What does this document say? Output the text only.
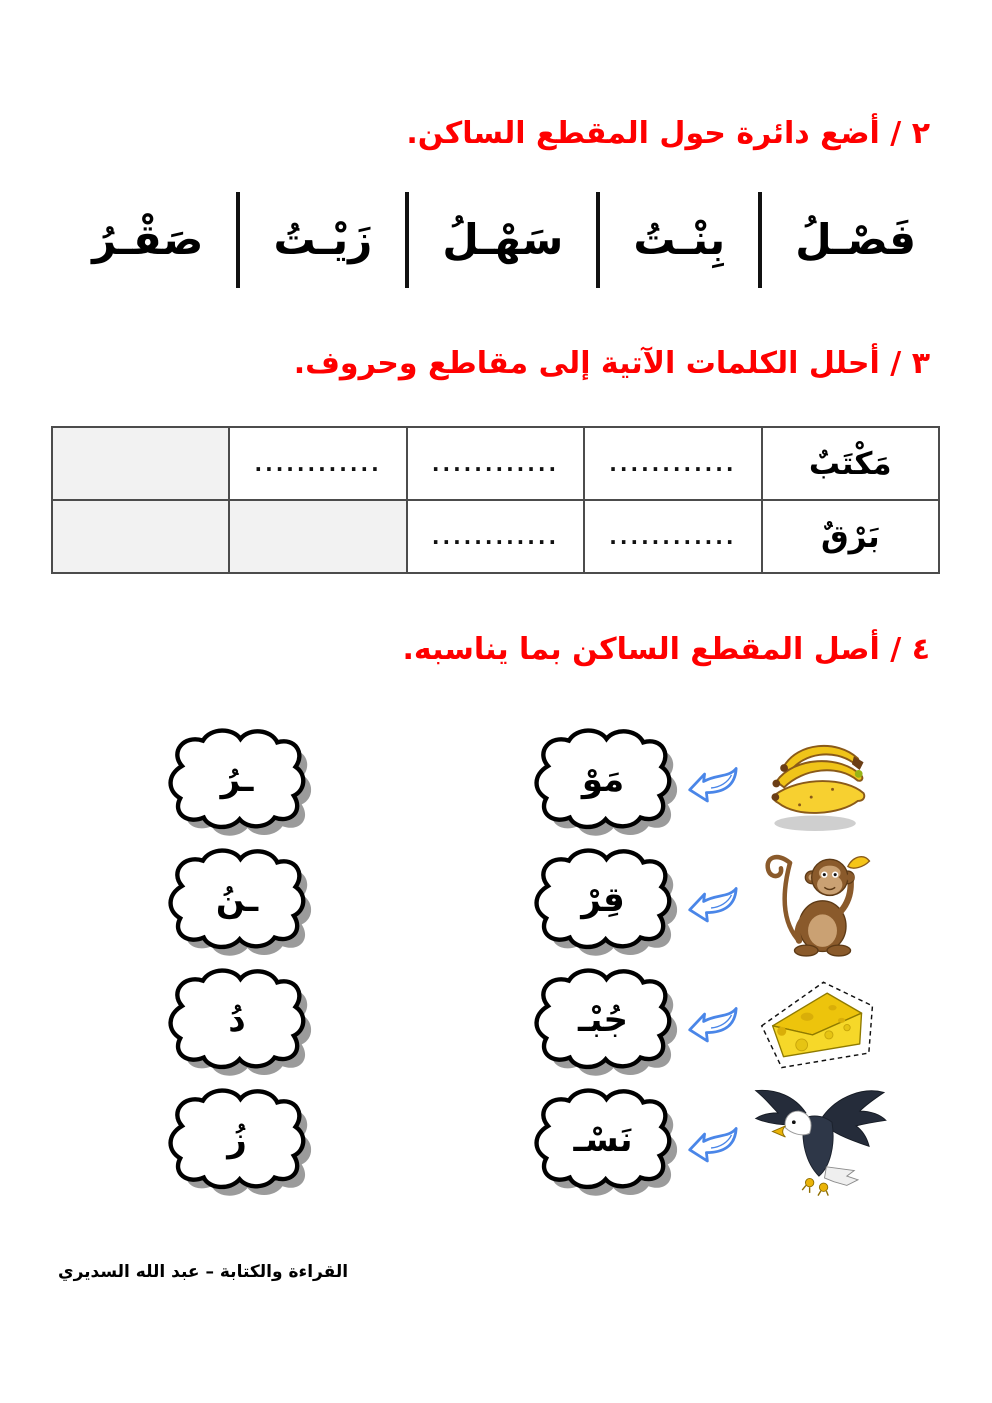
٢ / أضع دائرة حول المقطع الساكن.
فَصْـلُ
بِنْـتُ
سَهْـلُ
زَيْـتُ
صَقْـرُ
٣ / أحلل الكلمات الآتية إلى مقاطع وحروف.
	............	............	............	مَكْتَبٌ
		............	............	بَرْقٌ
٤ / أصل المقطع الساكن بما يناسبه.
ـرُ	مَوْ
ـنُ	قِرْ
دُ	جُبْـ
زُ	نَسْـ
القراءة والكتابة – عبد الله السديري
